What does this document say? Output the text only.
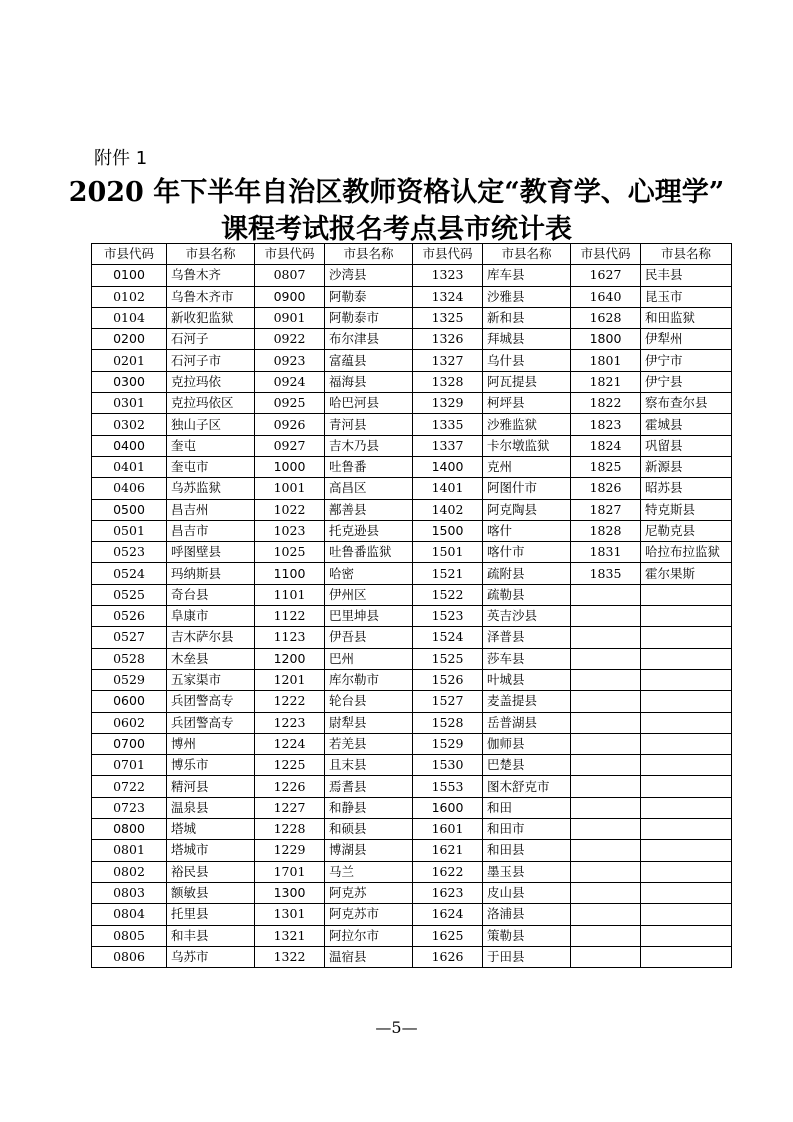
附件 1
2020 年下半年自治区教师资格认定“教育学、心理学”
课程考试报名考点县市统计表
市县代码	市县名称	市县代码	市县名称	市县代码	市县名称	市县代码	市县名称
0100	乌鲁木齐	0807	沙湾县	1323	库车县	1627	民丰县
0102	乌鲁木齐市	0900	阿勒泰	1324	沙雅县	1640	昆玉市
0104	新收犯监狱	0901	阿勒泰市	1325	新和县	1628	和田监狱
0200	石河子	0922	布尔津县	1326	拜城县	1800	伊犁州
0201	石河子市	0923	富蕴县	1327	乌什县	1801	伊宁市
0300	克拉玛依	0924	福海县	1328	阿瓦提县	1821	伊宁县
0301	克拉玛依区	0925	哈巴河县	1329	柯坪县	1822	察布查尔县
0302	独山子区	0926	青河县	1335	沙雅监狱	1823	霍城县
0400	奎屯	0927	吉木乃县	1337	卡尔墩监狱	1824	巩留县
0401	奎屯市	1000	吐鲁番	1400	克州	1825	新源县
0406	乌苏监狱	1001	高昌区	1401	阿图什市	1826	昭苏县
0500	昌吉州	1022	鄯善县	1402	阿克陶县	1827	特克斯县
0501	昌吉市	1023	托克逊县	1500	喀什	1828	尼勒克县
0523	呼图壁县	1025	吐鲁番监狱	1501	喀什市	1831	哈拉布拉监狱
0524	玛纳斯县	1100	哈密	1521	疏附县	1835	霍尔果斯
0525	奇台县	1101	伊州区	1522	疏勒县		
0526	阜康市	1122	巴里坤县	1523	英吉沙县		
0527	吉木萨尔县	1123	伊吾县	1524	泽普县		
0528	木垒县	1200	巴州	1525	莎车县		
0529	五家渠市	1201	库尔勒市	1526	叶城县		
0600	兵团警高专	1222	轮台县	1527	麦盖提县		
0602	兵团警高专	1223	尉犁县	1528	岳普湖县		
0700	博州	1224	若羌县	1529	伽师县		
0701	博乐市	1225	且末县	1530	巴楚县		
0722	精河县	1226	焉耆县	1553	图木舒克市		
0723	温泉县	1227	和静县	1600	和田		
0800	塔城	1228	和硕县	1601	和田市		
0801	塔城市	1229	博湖县	1621	和田县		
0802	裕民县	1701	马兰	1622	墨玉县		
0803	额敏县	1300	阿克苏	1623	皮山县		
0804	托里县	1301	阿克苏市	1624	洛浦县		
0805	和丰县	1321	阿拉尔市	1625	策勒县		
0806	乌苏市	1322	温宿县	1626	于田县		
—5—
